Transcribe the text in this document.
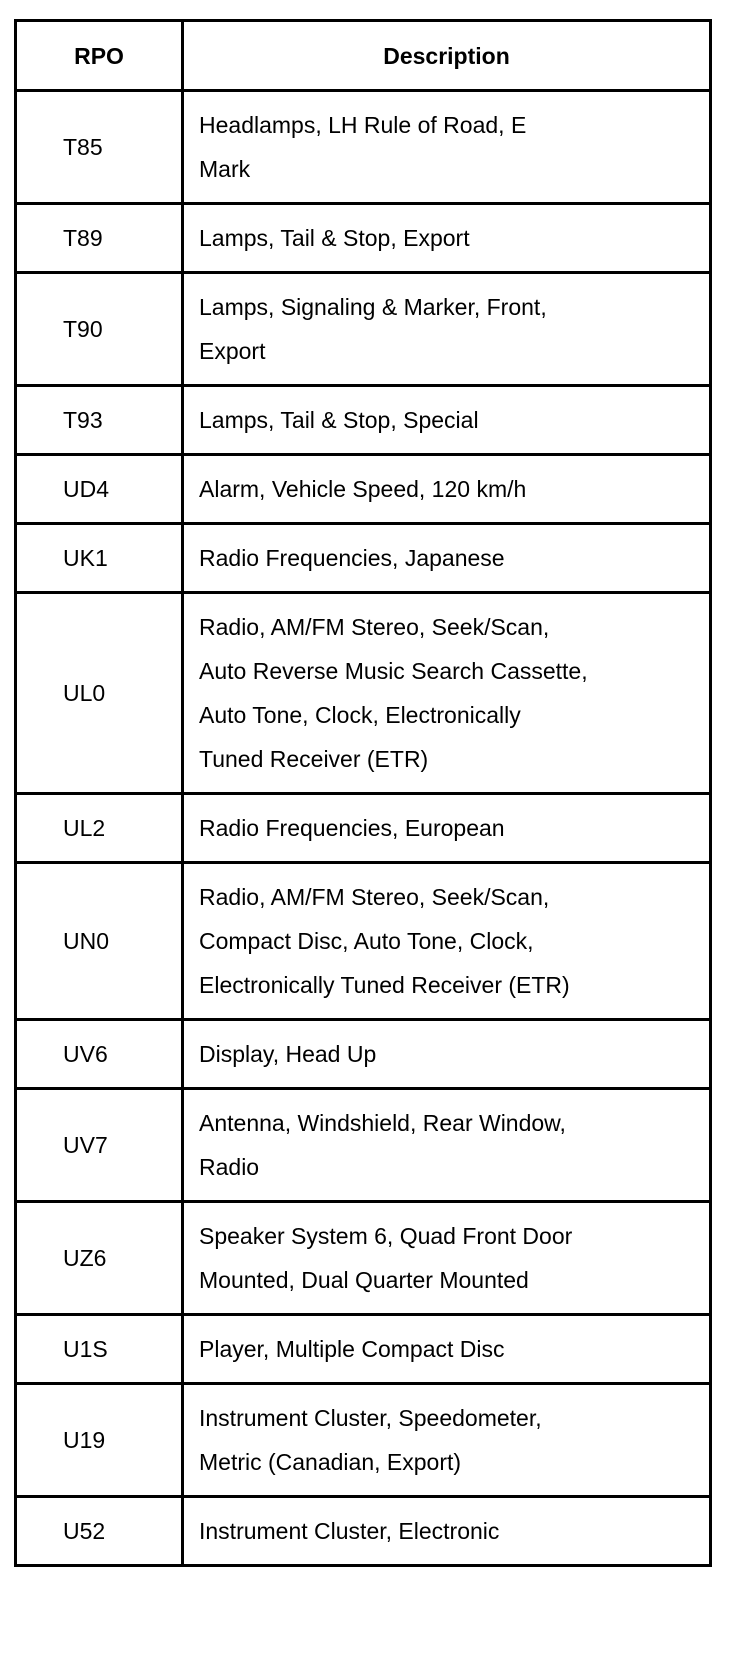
RPO	Description
T85	Headlamps, LH Rule of Road, E
Mark
T89	Lamps, Tail & Stop, Export
T90	Lamps, Signaling & Marker, Front,
Export
T93	Lamps, Tail & Stop, Special
UD4	Alarm, Vehicle Speed, 120 km/h
UK1	Radio Frequencies, Japanese
UL0	Radio, AM/FM Stereo, Seek/Scan,
Auto Reverse Music Search Cassette,
Auto Tone, Clock, Electronically
Tuned Receiver (ETR)
UL2	Radio Frequencies, European
UN0	Radio, AM/FM Stereo, Seek/Scan,
Compact Disc, Auto Tone, Clock,
Electronically Tuned Receiver (ETR)
UV6	Display, Head Up
UV7	Antenna, Windshield, Rear Window,
Radio
UZ6	Speaker System 6, Quad Front Door
Mounted, Dual Quarter Mounted
U1S	Player, Multiple Compact Disc
U19	Instrument Cluster, Speedometer,
Metric (Canadian, Export)
U52	Instrument Cluster, Electronic
